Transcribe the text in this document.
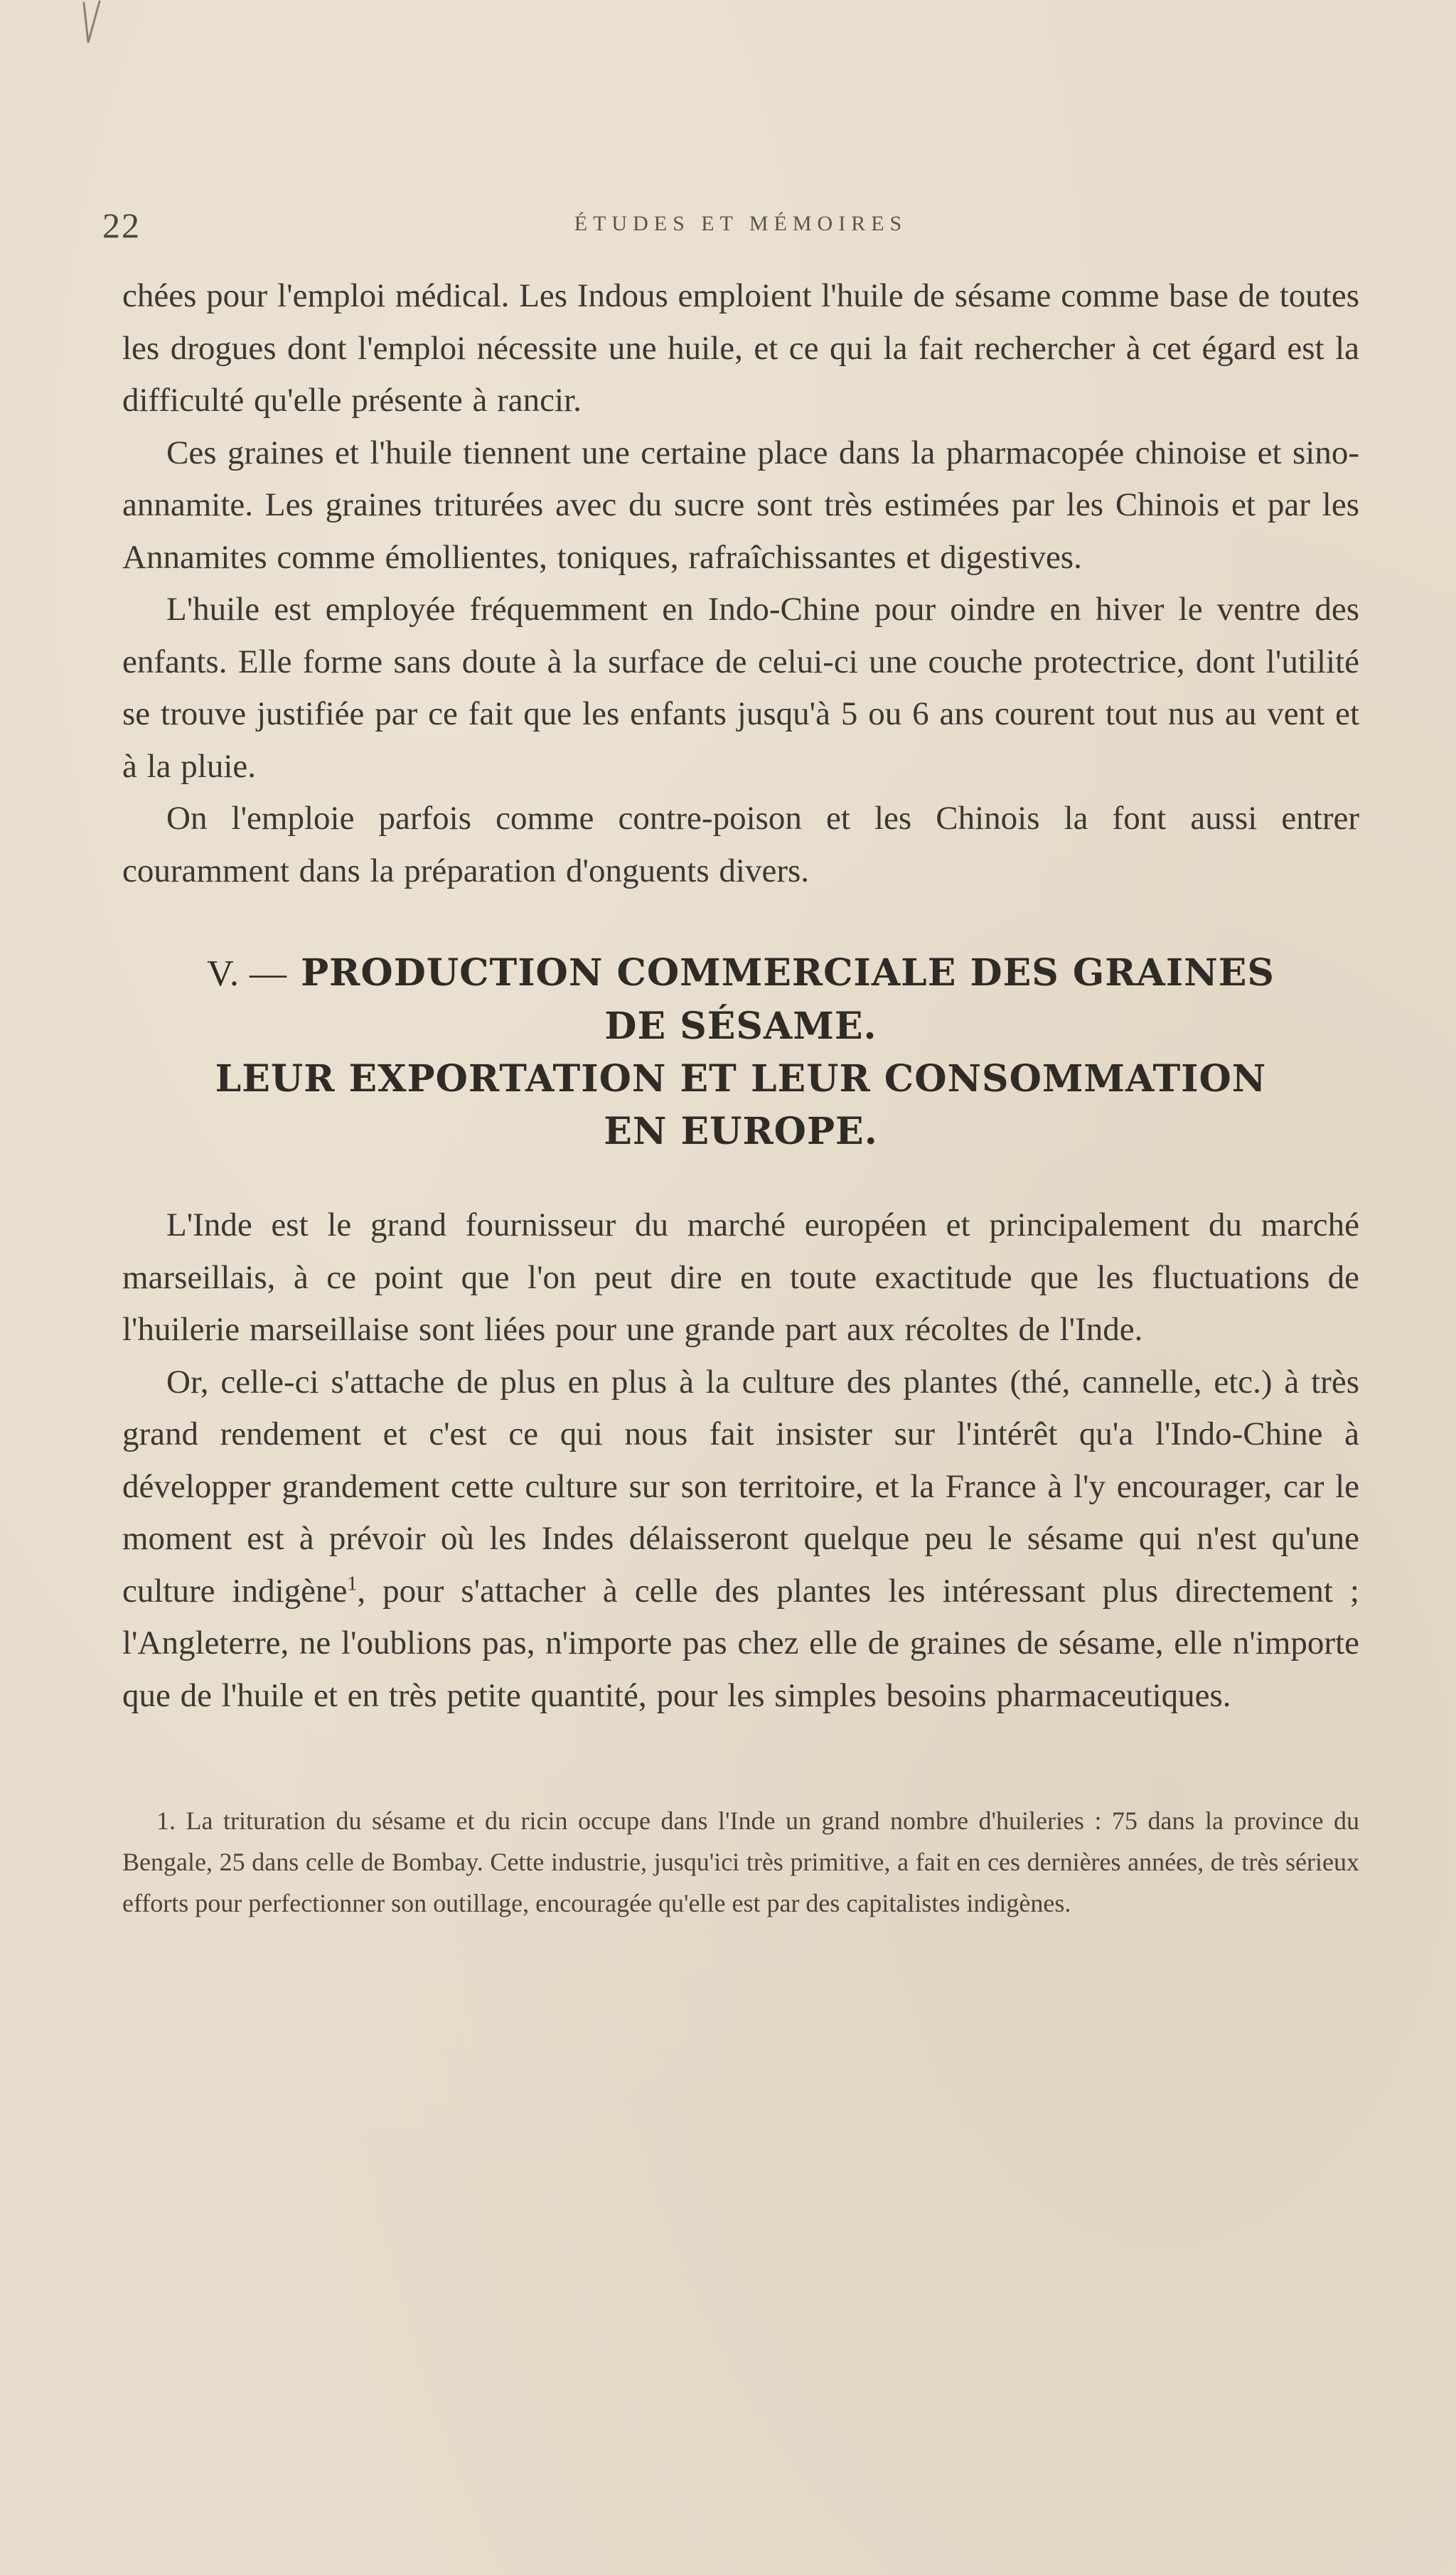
22	ÉTUDES ET MÉMOIRES

chées pour l'emploi médical. Les Indous emploient l'huile de sésame comme base de toutes les drogues dont l'emploi nécessite une huile, et ce qui la fait rechercher à cet égard est la difficulté qu'elle présente à rancir.

Ces graines et l'huile tiennent une certaine place dans la pharmacopée chinoise et sino-annamite. Les graines triturées avec du sucre sont très estimées par les Chinois et par les Annamites comme émollientes, toniques, rafraîchissantes et digestives.

L'huile est employée fréquemment en Indo-Chine pour oindre en hiver le ventre des enfants. Elle forme sans doute à la surface de celui-ci une couche protectrice, dont l'utilité se trouve justifiée par ce fait que les enfants jusqu'à 5 ou 6 ans courent tout nus au vent et à la pluie.

On l'emploie parfois comme contre-poison et les Chinois la font aussi entrer couramment dans la préparation d'onguents divers.

V. — PRODUCTION COMMERCIALE DES GRAINES
DE SÉSAME.
LEUR EXPORTATION ET LEUR CONSOMMATION
EN EUROPE.

L'Inde est le grand fournisseur du marché européen et principalement du marché marseillais, à ce point que l'on peut dire en toute exactitude que les fluctuations de l'huilerie marseillaise sont liées pour une grande part aux récoltes de l'Inde.

Or, celle-ci s'attache de plus en plus à la culture des plantes (thé, cannelle, etc.) à très grand rendement et c'est ce qui nous fait insister sur l'intérêt qu'a l'Indo-Chine à développer grandement cette culture sur son territoire, et la France à l'y encourager, car le moment est à prévoir où les Indes délaisseront quelque peu le sésame qui n'est qu'une culture indigène$^1$, pour s'attacher à celle des plantes les intéressant plus directement ; l'Angleterre, ne l'oublions pas, n'importe pas chez elle de graines de sésame, elle n'importe que de l'huile et en très petite quantité, pour les simples besoins pharmaceutiques.

1. La trituration du sésame et du ricin occupe dans l'Inde un grand nombre d'huileries : 75 dans la province du Bengale, 25 dans celle de Bombay. Cette industrie, jusqu'ici très primitive, a fait en ces dernières années, de très sérieux efforts pour perfectionner son outillage, encouragée qu'elle est par des capitalistes indigènes.
